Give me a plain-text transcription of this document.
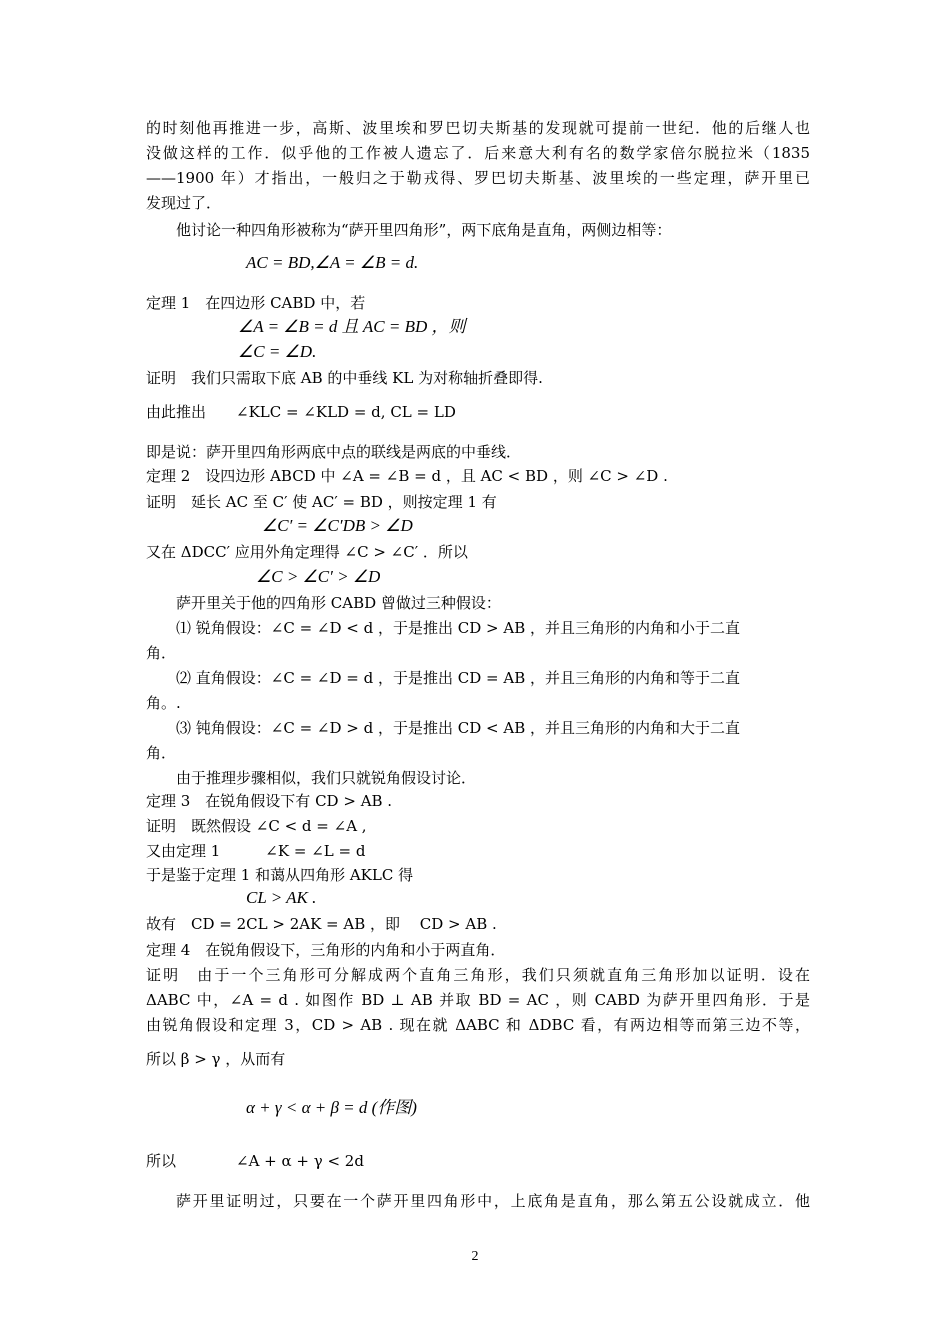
的时刻他再推进一步，高斯、波里埃和罗巴切夫斯基的发现就可提前一世纪．他的后继人也
没做这样的工作．似乎他的工作被人遗忘了．后来意大利有名的数学家倍尔脱拉米（1835
——1900 年）才指出，一般归之于勒戎得、罗巴切夫斯基、波里埃的一些定理，萨开里已
发现过了．
他讨论一种四角形被称为“萨开里四角形”，两下底角是直角，两侧边相等：
AC = BD,∠A = ∠B = d.
定理 1　在四边形 CABD 中，若
∠A = ∠B = d 且 AC = BD ，则
∠C = ∠D.
证明　我们只需取下底 AB 的中垂线 KL 为对称轴折叠即得.
由此推出　　∠KLC = ∠KLD = d, CL = LD
即是说：萨开里四角形两底中点的联线是两底的中垂线．
定理 2　设四边形 ABCD 中 ∠A = ∠B = d ，且 AC < BD ，则 ∠C > ∠D .
证明　延长 AC 至 C′ 使 AC′ = BD ，则按定理 1 有
∠C′ = ∠C′DB > ∠D
又在 ΔDCC′ 应用外角定理得 ∠C > ∠C′ ．所以
∠C > ∠C′ > ∠D
萨开里关于他的四角形 CABD 曾做过三种假设：
⑴ 锐角假设：∠C = ∠D < d ，于是推出 CD > AB ，并且三角形的内角和小于二直
角．
⑵ 直角假设：∠C = ∠D = d ，于是推出 CD = AB ，并且三角形的内角和等于二直
角。.
⑶ 钝角假设：∠C = ∠D > d ，于是推出 CD < AB ，并且三角形的内角和大于二直
角．
由于推理步骤相似，我们只就锐角假设讨论．
定理 3　在锐角假设下有 CD > AB .
证明　既然假设 ∠C < d = ∠A ,
又由定理 1　　　∠K = ∠L = d
于是鉴于定理 1 和蔼从四角形 AKLC 得
CL > AK .
故有　CD = 2CL > 2AK = AB ，即　 CD > AB .
定理 4　在锐角假设下，三角形的内角和小于两直角．
证明　由于一个三角形可分解成两个直角三角形，我们只须就直角三角形加以证明．设在
ΔABC 中，∠A = d . 如图作 BD ⊥ AB 并取 BD = AC ，则 CABD 为萨开里四角形．于是
由锐角假设和定理 3，CD > AB . 现在就 ΔABC 和 ΔDBC 看，有两边相等而第三边不等，
所以 β > γ ，从而有
α + γ < α + β = d (作图)
所以　　　　∠A + α + γ < 2d
萨开里证明过，只要在一个萨开里四角形中，上底角是直角，那么第五公设就成立．他
2
